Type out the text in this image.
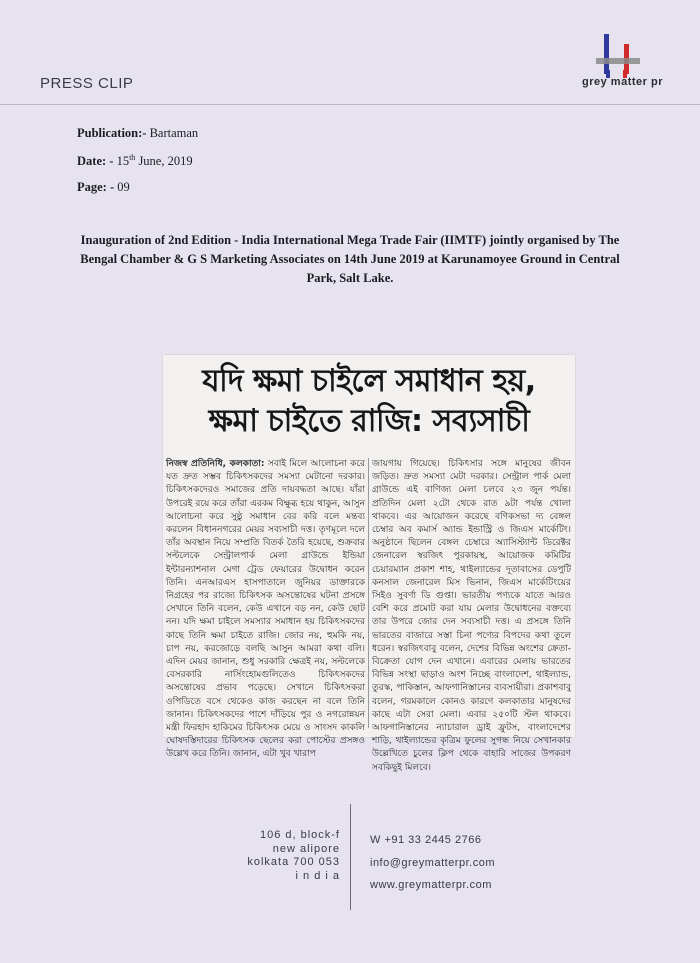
PRESS CLIP	grey matter pr
Publication:- Bartaman
Date: - 15th June, 2019
Page: - 09
Inauguration of 2nd Edition - India International Mega Trade Fair (IIMTF) jointly organised by The Bengal Chamber & G S Marketing Associates on 14th June 2019 at Karunamoyee Ground in Central Park, Salt Lake.
যদি ক্ষমা চাইলে সমাধান হয়,
ক্ষমা চাইতে রাজি: সব্যসাচী

নিজস্ব প্রতিনিধি, কলকাতা: সবাই মিলে আলোচনা করে যত দ্রুত সম্ভব চিকিৎসকদের সমস্যা মেটানো দরকার। চিকিৎসকদেরও সমাজের প্রতি দায়বদ্ধতা আছে। যাঁরা উপরেই রয়ে করে তাঁরা এরকম বিক্ষুব্ধ হয়ে থাকুন, আসুন আলোচনা করে সুষ্ঠু সমাধান বের করি বলে মন্তব্য করলেন বিধাননগরের মেয়র সব্যসাচী দত্ত। তৃণমূলে দলে তাঁর অবস্থান নিয়ে সম্প্রতি বিতর্ক তৈরি হয়েছে, শুক্রবার সল্টলেকে সেন্ট্রালপার্ক মেলা গ্রাউন্ডে ইন্ডিয়া ইন্টারন্যাশনাল মেগা ট্রেড ফেয়ারের উদ্বোধন করেন তিনি। এনআরএস হাসপাতালে জুনিয়র ডাক্তারকে নিগ্রহের পর রাজ্যে চিকিৎসক অসন্তোষের ঘটনা প্রসঙ্গে সেখানে তিনি বলেন, কেউ এখানে বড় নন, কেউ ছোট নন। যদি ক্ষমা চাইলে সমস্যার সমাধান হয় চিকিৎসকদের কাছে তিনি ক্ষমা চাইতে রাজি। জোর নয়, হুমকি নয়, চাপ নয়, করজোড়ে বলছি আসুন আমরা কথা বলি। এদিন মেয়র জানান, শুধু সরকারি ক্ষেত্রই নয়, সল্টলেকে বেসরকারি নার্সিংহোমগুলিতেও চিকিৎসকদের অসন্তোষের প্রভাব পড়েছে। সেখানে চিকিৎসকরা ওপিডিতে বসে থেকেও কাজ করছেন না বলে তিনি জানান। চিকিৎসকদের পাশে দাঁড়িয়ে পুর ও নগরোন্নয়ন মন্ত্রী ফিরহাদ হাকিমের চিকিৎসক মেয়ে ও সাংসদ কাকলি ঘোষদস্তিদারের চিকিৎসক ছেলের করা পোস্টের প্রসঙ্গও উল্লেখ করে তিনি। জানান, এটা খুব খারাপ

জায়গায় গিয়েছে। চিকিৎসার সঙ্গে মানুষের জীবন জড়িত। দ্রুত সমস্যা মেটা দরকার। সেন্ট্রাল পার্ক মেলা গ্রাউন্ডে এই বাণিজ্য মেলা চলবে ২৩ জুন পর্যন্ত। প্রতিদিন মেলা ২টো থেকে রাত ৯টা পর্যন্ত খোলা থাকবে। এর আয়োজন করেছে বণিকসভা দ্য বেঙ্গল চেম্বার অব কমার্স অ্যান্ড ইন্ডাস্ট্রি ও জিএস মার্কেটিং। অনুষ্ঠানে ছিলেন বেঙ্গল চেম্বারে অ্যাসিস্ট্যান্ট ডিরেক্টর জেনারেল স্বরজিৎ পুরকায়স্থ, আয়োজক কমিটির চেয়ারম্যান প্রকাশ শাহ, থাইল্যান্ডের দূতাবাসের ডেপুটি কনসাল জেনারেল মিস ভিনান, জিএস মার্কেটিংয়ের সিইও সুবর্ণা ডি গুপ্তা। ভারতীয় পণ্যকে যাতে আরও বেশি করে প্রমোট করা যায় মেলার উদ্বোধনের বক্তব্যে তার উপরে জোর দেন সব্যসাচী দত্ত। এ প্রসঙ্গে তিনি ভারতের বাজারে সস্তা চিনা পণ্যের বিপদের কথা তুলে ধরেন। স্বরজিৎবাবু বলেন, দেশের বিভিন্ন অংশের ক্রেতা-বিক্রেতা যোগ দেন এখানে। এবারের মেলায় ভারতের বিভিন্ন সংস্থা ছাড়াও অংশ নিচ্ছে বাংলাদেশ, থাইল্যান্ড, তুরস্ক, পাকিস্তান, আফগানিস্তানের ব্যবসায়ীরা। প্রকাশবাবু বলেন, গরমকালে কোনও কারণে কলকাতার মানুষদের কাছে এটা সেরা মেলা। এবার ২৫০টি স্টল থাকবে। আফগানিস্তানের ন্যাচারাল ড্রাই ফ্রুটস, বাংলাদেশের শাড়ি, থাইল্যান্ডের কৃত্রিম ফুলের সুগন্ধ নিয়ে সেখানকার উল্লেখিতে চুলের ক্লিপ থেকে বাহারি সাজের উপকরণ সবকিছুই মিলবে।

106 d, block-f
new alipore
kolkata 700 053
i n d i a
W +91 33 2445 2766
info@greymatterpr.com
www.greymatterpr.com
